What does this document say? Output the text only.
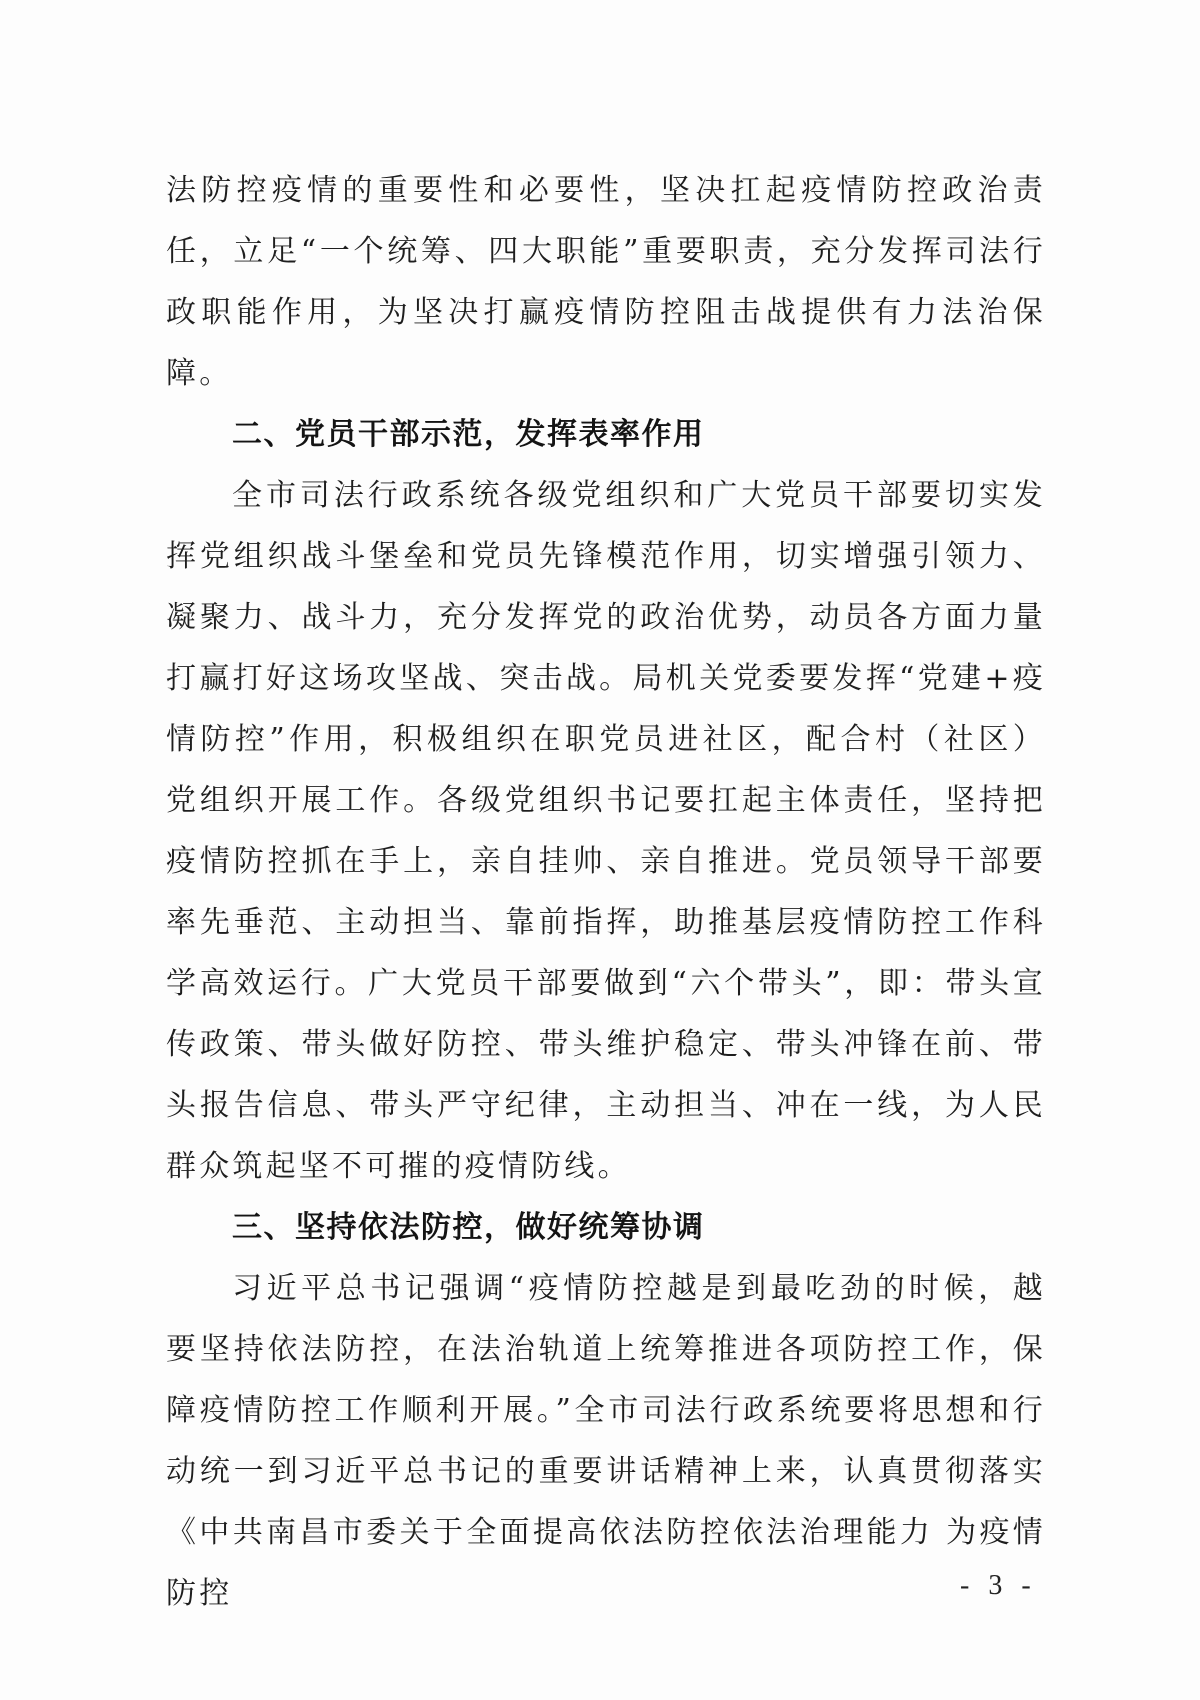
法防控疫情的重要性和必要性，坚决扛起疫情防控政治责任，立足“一个统筹、四大职能”重要职责，充分发挥司法行政职能作用，为坚决打赢疫情防控阻击战提供有力法治保障。

二、党员干部示范，发挥表率作用

全市司法行政系统各级党组织和广大党员干部要切实发挥党组织战斗堡垒和党员先锋模范作用，切实增强引领力、凝聚力、战斗力，充分发挥党的政治优势，动员各方面力量打赢打好这场攻坚战、突击战。局机关党委要发挥“党建+疫情防控”作用，积极组织在职党员进社区，配合村（社区）党组织开展工作。各级党组织书记要扛起主体责任，坚持把疫情防控抓在手上，亲自挂帅、亲自推进。党员领导干部要率先垂范、主动担当、靠前指挥，助推基层疫情防控工作科学高效运行。广大党员干部要做到“六个带头”，即：带头宣传政策、带头做好防控、带头维护稳定、带头冲锋在前、带头报告信息、带头严守纪律，主动担当、冲在一线，为人民群众筑起坚不可摧的疫情防线。

三、坚持依法防控，做好统筹协调

习近平总书记强调“疫情防控越是到最吃劲的时候，越要坚持依法防控，在法治轨道上统筹推进各项防控工作，保障疫情防控工作顺利开展。”全市司法行政系统要将思想和行动统一到习近平总书记的重要讲话精神上来，认真贯彻落实《中共南昌市委关于全面提高依法防控依法治理能力 为疫情防控	- 3 -
